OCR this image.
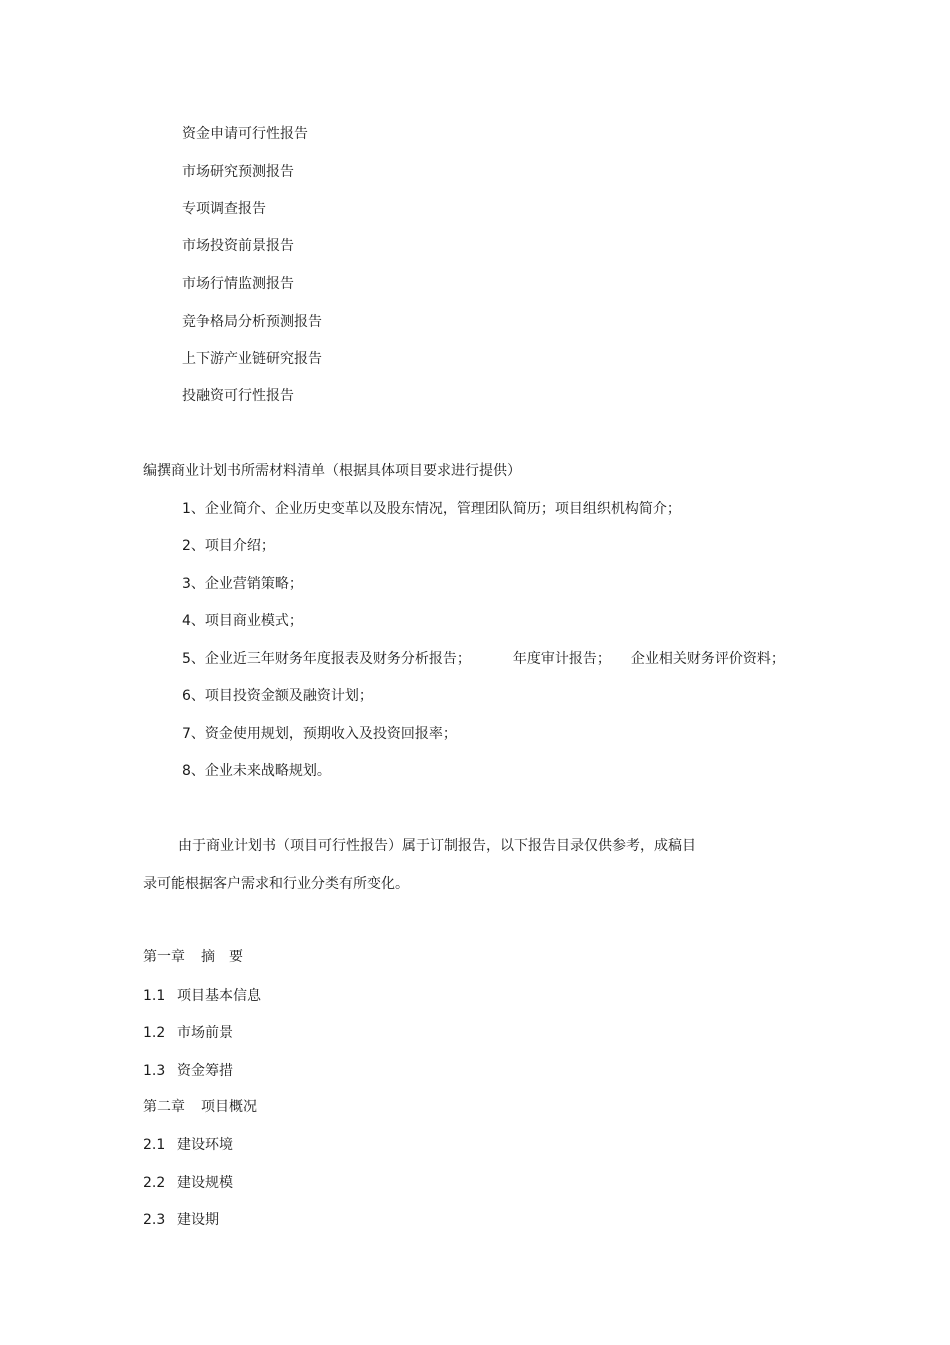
资金申请可行性报告
市场研究预测报告
专项调查报告
市场投资前景报告
市场行情监测报告
竞争格局分析预测报告
上下游产业链研究报告
投融资可行性报告
编撰商业计划书所需材料清单（根据具体项目要求进行提供）
1、企业简介、企业历史变革以及股东情况，管理团队简历；项目组织机构简介；
2、项目介绍；
3、企业营销策略；
4、项目商业模式；
5、企业近三年财务年度报表及财务分析报告；	年度审计报告； 企业相关财务评价资料；
6、项目投资金额及融资计划；
7、资金使用规划，预期收入及投资回报率；
8、企业未来战略规划。
由于商业计划书（项目可行性报告）属于订制报告，以下报告目录仅供参考，成稿目
录可能根据客户需求和行业分类有所变化。
第一章 摘　要
1.1 项目基本信息
1.2 市场前景
1.3 资金筹措
第二章 项目概况
2.1 建设环境
2.2 建设规模
2.3 建设期
